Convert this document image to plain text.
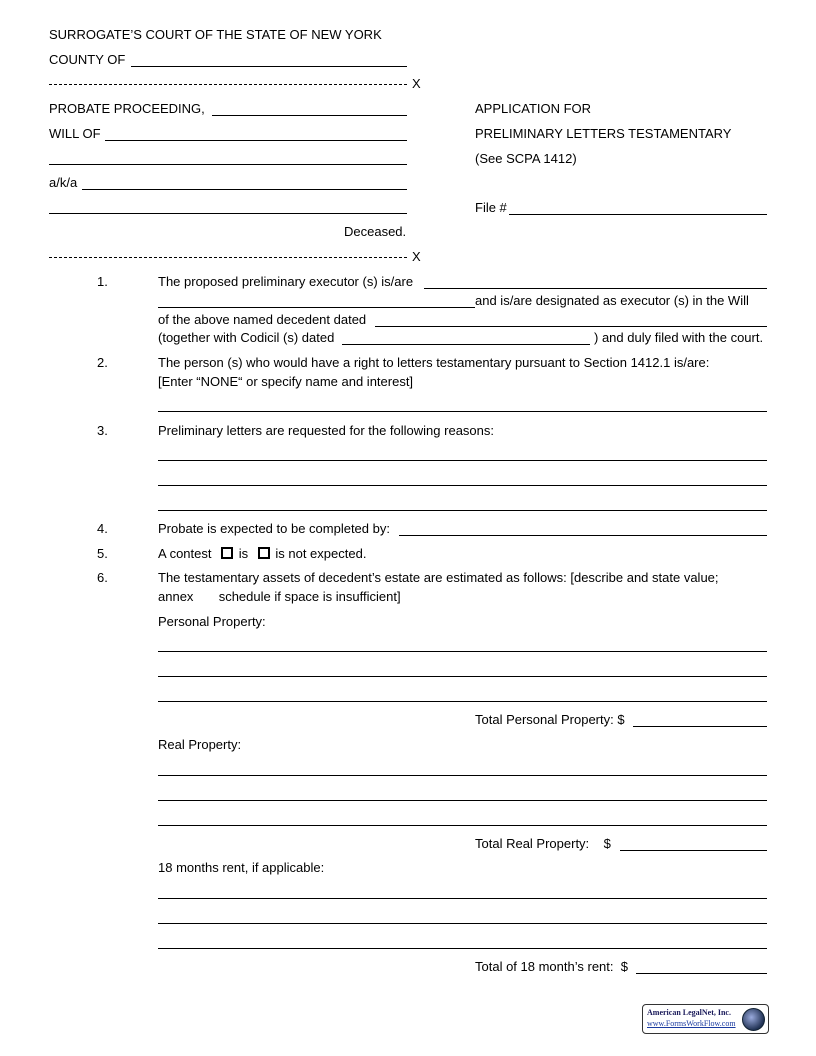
SURROGATE’S COURT OF THE STATE OF NEW YORK
COUNTY OF
X
PROBATE PROCEEDING,
WILL OF
a/k/a
Deceased.
X
APPLICATION FOR
PRELIMINARY LETTERS TESTAMENTARY
(See SCPA 1412)
File #
1.	The proposed preliminary executor (s) is/are
and is/are designated as executor (s) in the Will
of the above named decedent dated
(together with Codicil (s) dated	) and duly filed with the court.
2.	The person (s) who would have a right to letters testamentary pursuant to Section 1412.1 is/are:
[Enter “NONE“ or specify name and interest]
3.	Preliminary letters are requested for the following reasons:
4.	Probate is expected to be completed by:
5.	A contest is is not expected.
6.	The testamentary assets of decedent’s estate are estimated as follows: [describe and state value;
annex       schedule if space is insufficient]
Personal Property:
Total Personal Property: $
Real Property:
Total Real Property:    $
18 months rent, if applicable:
Total of 18 month’s rent:  $
American LegalNet, Inc.
www.FormsWorkFlow.com
